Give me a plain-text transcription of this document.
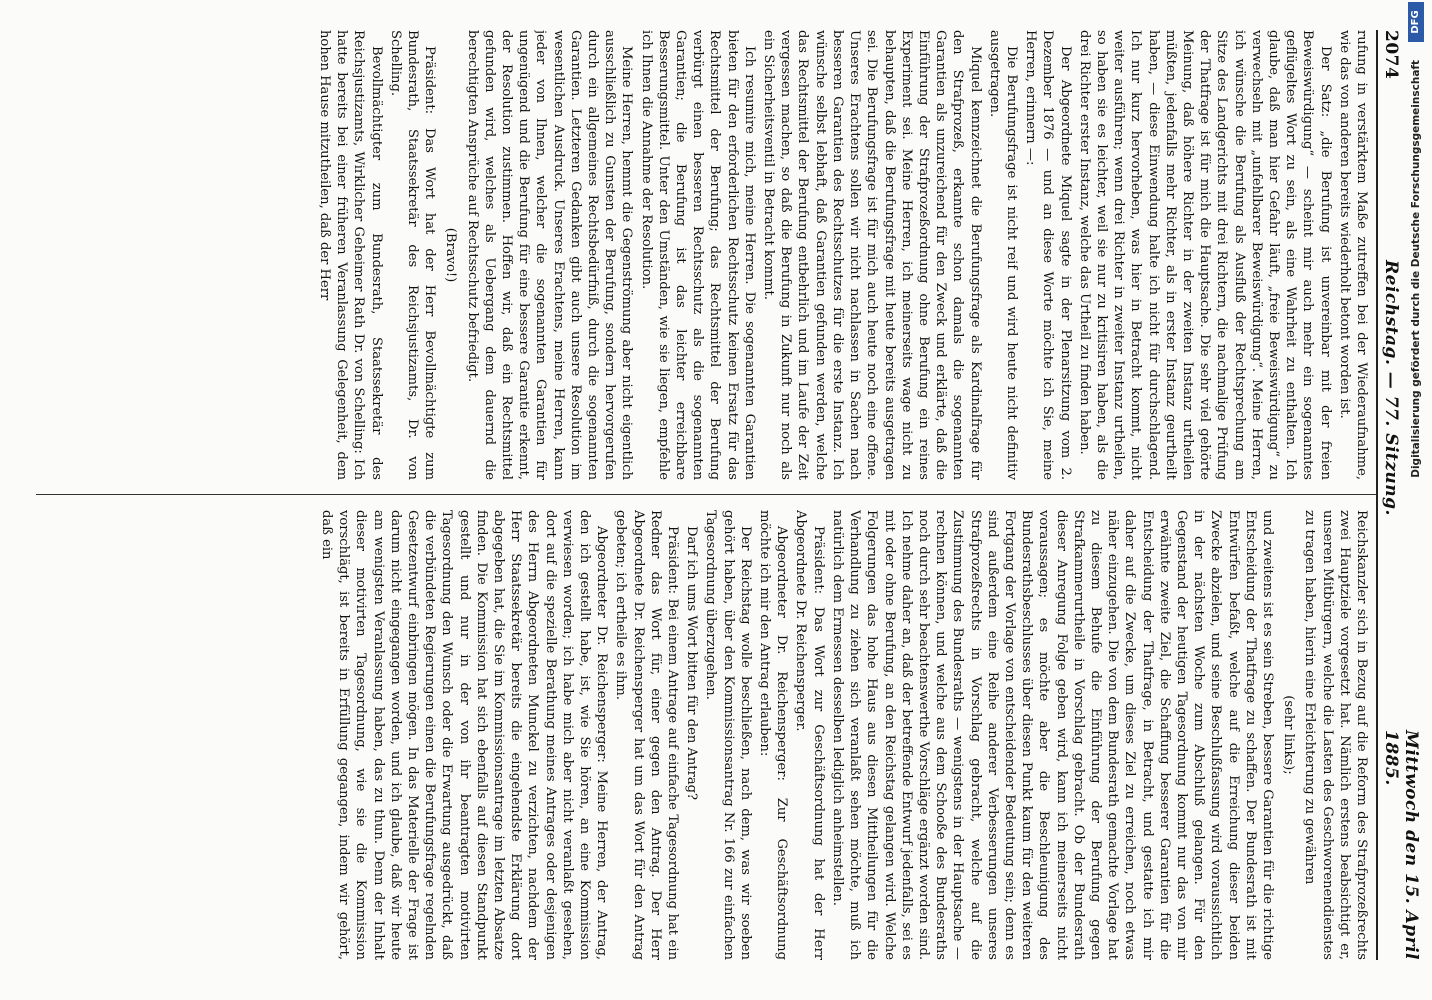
2074
Reichstag. — 77. Sitzung.
Mittwoch den 15. April 1885.

rufung in verstärktem Maße zutreffen bei der Wiederaufnahme, wie das von anderen bereits wiederholt betont worden ist.

Der Satz: „die Berufung ist unvereinbar mit der freien Beweiswürdigung“ — scheint mir auch mehr ein sogenanntes geflügeltes Wort zu sein, als eine Wahrheit zu enthalten. Ich glaube, daß man hier Gefahr läuft, „freie Beweiswürdigung“ zu verwechseln mit „unfehlbarer Beweiswürdigung“. Meine Herren, ich wünsche die Berufung als Ausfluß der Rechtsprechung am Sitze des Landgerichts mit drei Richtern, die nachmalige Prüfung der Thatfrage ist für mich die Hauptsache. Die sehr viel gehörte Meinung, daß höhere Richter in der zweiten Instanz urtheilen müßten, jedenfalls mehr Richter, als in erster Instanz geurtheilt haben, — diese Einwendung halte ich nicht für durchschlagend. Ich nur kurz hervorheben, was hier in Betracht kommt, nicht weiter ausführen; wenn drei Richter in zweiter Instanz urtheilen, so haben sie es leichter, weil sie nur zu kritisiren haben, als die drei Richter erster Instanz, welche das Urtheil zu finden haben.

Der Abgeordnete Miquel sagte in der Plenarsitzung vom 2. Dezember 1876 — und an diese Worte möchte ich Sie, meine Herren, erinnern —:

Die Berufungsfrage ist nicht reif und wird heute nicht definitiv ausgetragen.

Miquel kennzeichnet die Berufungsfrage als Kardinalfrage für den Strafprozeß, erkannte schon damals die sogenannten Garantien als unzureichend für den Zweck und erklärte, daß die Einführung der Strafprozeßordnung ohne Berufung ein reines Experiment sei. Meine Herren, ich meinerseits wage nicht zu behaupten, daß die Berufungsfrage mit heute bereits ausgetragen sei. Die Berufungsfrage ist für mich auch heute noch eine offene. Unseres Erachtens sollen wir nicht nachlassen in Sachen nach besseren Garantien des Rechtsschutzes für die erste Instanz. Ich wünsche selbst lebhaft, daß Garantien gefunden werden, welche das Rechtsmittel der Berufung entbehrlich und im Laufe der Zeit vergessen machen, so daß die Berufung in Zukunft nur noch als ein Sicherheitsventil in Betracht kommt.

Ich resumire mich, meine Herren. Die sogenannten Garantien bieten für den erforderlichen Rechtsschutz keinen Ersatz für das Rechtsmittel der Berufung; das Rechtsmittel der Berufung verbürgt einen besseren Rechtsschutz als die sogenannten Garantien; die Berufung ist das leichter erreichbare Besserungsmittel. Unter den Umständen, wie sie liegen, empfehle ich Ihnen die Annahme der Resolution.

Meine Herren, hemmt die Gegenströmung aber nicht eigentlich ausschließlich zu Gunsten der Berufung, sondern hervorgerufen durch ein allgemeines Rechtsbedürfniß, durch die sogenannten Garantien. Letzteren Gedanken gibt auch unsere Resolution im wesentlichen Ausdruck. Unseres Erachtens, meine Herren, kann jeder von Ihnen, welcher die sogenannten Garantien für ungenügend und die Berufung für eine bessere Garantie erkennt, der Resolution zustimmen. Hoffen wir, daß ein Rechtsmittel gefunden wird, welches als Uebergang dem dauernd die berechtigten Ansprüche auf Rechtsschutz befriedigt.

(Bravo!)

Präsident: Das Wort hat der Herr Bevollmächtigte zum Bundesrath, Staatssekretär des Reichsjustizamts, Dr. von Schelling.

Bevollmächtigter zum Bundesrath, Staatssekretär des Reichsjustizamts, Wirklicher Geheimer Rath Dr. von Schelling: Ich hatte bereits bei einer früheren Veranlassung Gelegenheit, dem hohen Hause mitzutheilen, daß der Herr

Reichskanzler sich in Bezug auf die Reform des Strafprozeßrechts zwei Hauptziele vorgesetzt hat. Nämlich erstens beabsichtigt er, unseren Mitbürgern, welche die Lasten des Geschworenendienstes zu tragen haben, hierin eine Erleichterung zu gewähren

(sehr links);

und zweitens ist es sein Streben, bessere Garantien für die richtige Entscheidung der Thatfrage zu schaffen. Der Bundesrath ist mit Entwürfen befaßt, welche auf die Erreichung dieser beiden Zwecke abzielen, und seine Beschlußfassung wird voraussichtlich in der nächsten Woche zum Abschluß gelangen. Für den Gegenstand der heutigen Tagesordnung kommt nur das von mir erwähnte zweite Ziel, die Schaffung besserer Garantien für die Entscheidung der Thatfrage, in Betracht, und gestatte ich mir daher auf die Zwecke, um dieses Ziel zu erreichen, noch etwas näher einzugehen. Die von dem Bundesrath gemachte Vorlage hat zu diesem Behufe die Einführung der Berufung gegen Strafkammerurtheile in Vorschlag gebracht. Ob der Bundesrath dieser Anregung Folge geben wird, kann ich meinerseits nicht voraussagen; es möchte aber die Beschleunigung des Bundesrathsbeschlusses über diesen Punkt kaum für den weiteren Fortgang der Vorlage von entscheidender Bedeutung sein; denn es sind außerdem eine Reihe anderer Verbesserungen unseres Strafprozeßrechts in Vorschlag gebracht, welche auf die Zustimmung des Bundesraths — wenigstens in der Hauptsache — rechnen können, und welche aus dem Schooße des Bundesraths noch durch sehr beachtenswerthe Vorschläge ergänzt worden sind. Ich nehme daher an, daß der betreffende Entwurf jedenfalls, sei es mit oder ohne Berufung, an den Reichstag gelangen wird. Welche Folgerungen das hohe Haus aus diesen Mittheilungen für die Verhandlung zu ziehen sich veranlaßt sehen möchte, muß ich natürlich dem Ermessen desselben lediglich anheimstellen.

Präsident: Das Wort zur Geschäftsordnung hat der Herr Abgeordnete Dr. Reichensperger.

Abgeordneter Dr. Reichensperger: Zur Geschäftsordnung möchte ich mir den Antrag erlauben:

Der Reichstag wolle beschließen, nach dem, was wir soeben gehört haben, über den Kommissionsantrag Nr. 166 zur einfachen Tagesordnung überzugehen.

Darf ich ums Wort bitten für den Antrag?

Präsident: Bei einem Antrage auf einfache Tagesordnung hat ein Redner das Wort für, einer gegen den Antrag. Der Herr Abgeordnete Dr. Reichensperger hat um das Wort für den Antrag gebeten; ich ertheile es ihm.

Abgeordneter Dr. Reichensperger: Meine Herren, der Antrag, den ich gestellt habe, ist, wie Sie hören, an eine Kommission verwiesen worden; ich habe mich aber nicht veranlaßt gesehen, dort auf die spezielle Berathung meines Antrages oder desjenigen des Herrn Abgeordneten Munckel zu verzichten, nachdem der Herr Staatssekretär bereits die eingehendste Erklärung dort abgegeben hat, die Sie im Kommissionsantrage im letzten Absatze finden. Die Kommission hat sich ebenfalls auf diesen Standpunkt gestellt und nur in der von ihr beantragten motivirten Tagesordnung den Wunsch oder die Erwartung ausgedrückt, daß die verbündeten Regierungen einen die Berufungsfrage regelnden Gesetzentwurf einbringen mögen. In das Materielle der Frage ist darum nicht eingegangen worden, und ich glaube, daß wir heute am wenigsten Veranlassung haben, das zu thun. Denn der Inhalt dieser motivirten Tagesordnung, wie sie die Kommission vorschlägt, ist bereits in Erfüllung gegangen, indem wir gehört, daß ein

Digitalisierung gefördert durch die Deutsche Forschungsgemeinschaft
DFG
